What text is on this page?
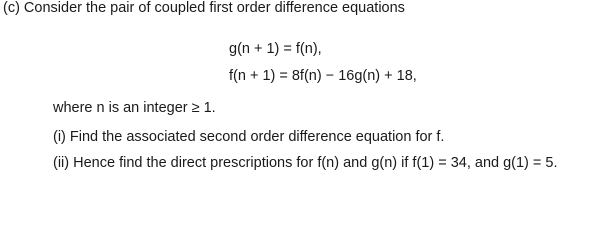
(c) Consider the pair of coupled first order difference equations
g(n + 1) = f(n),
f(n + 1) = 8f(n) − 16g(n) + 18,
where n is an integer ≥ 1.
(i) Find the associated second order difference equation for f.
(ii) Hence find the direct prescriptions for f(n) and g(n) if f(1) = 34, and g(1) = 5.
